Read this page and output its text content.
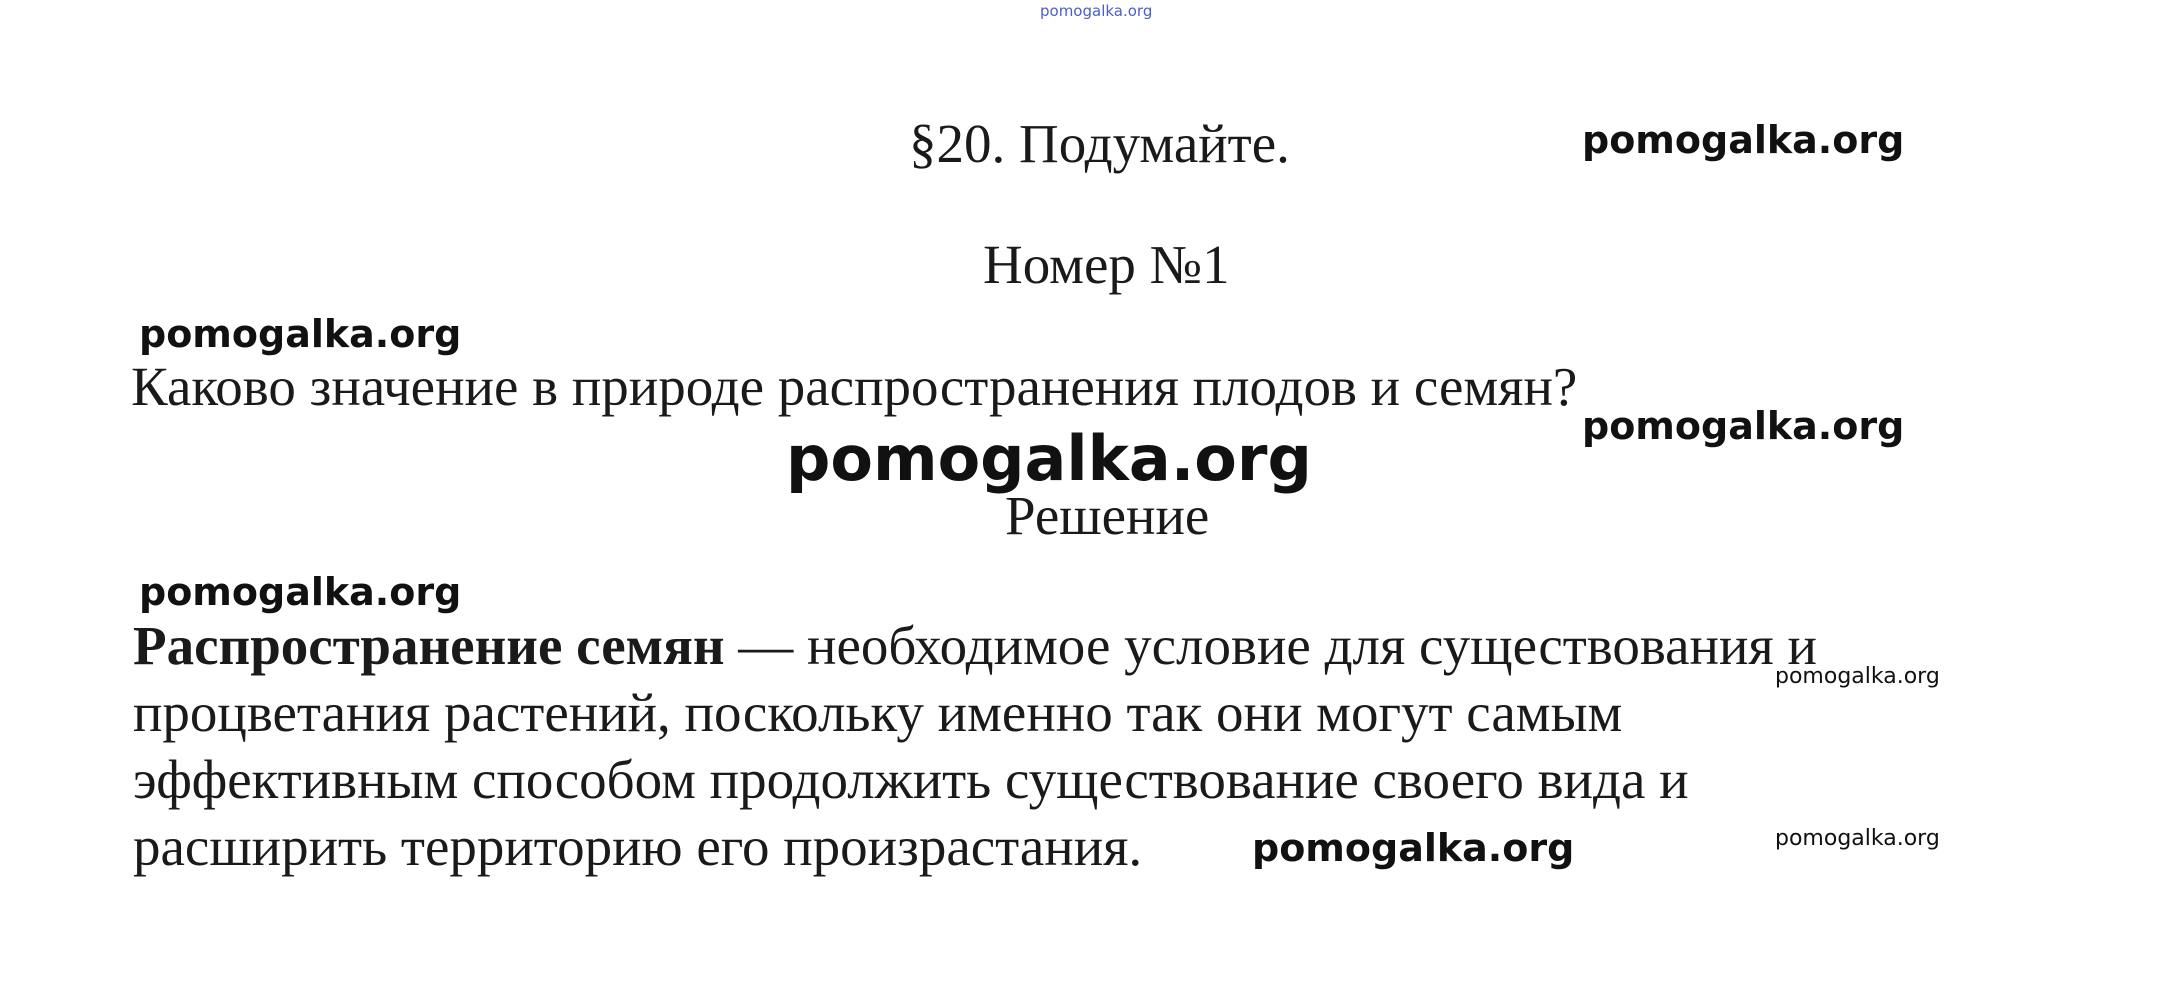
pomogalka.org
§20. Подумайте.	pomogalka.org
Номер №1
pomogalka.org
Каково значение в природе распространения плодов и семян?
pomogalka.org
pomogalka.org
Решение
pomogalka.org
Распространение семян — необходимое условие для существования и
pomogalka.org
процветания растений, поскольку именно так они могут самым
эффективным способом продолжить существование своего вида и
расширить территорию его произрастания.	pomogalka.org	pomogalka.org
